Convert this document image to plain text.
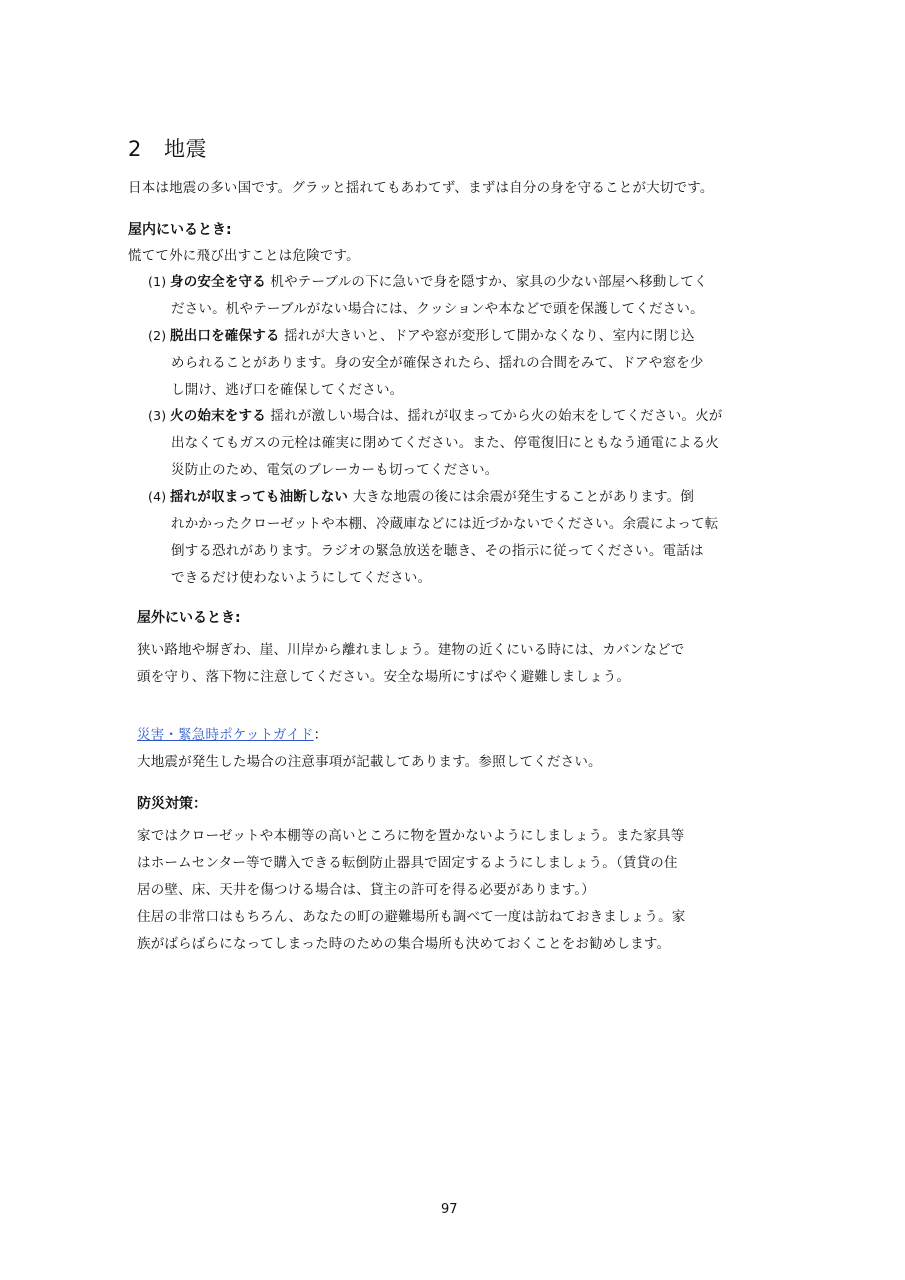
2 地震
日本は地震の多い国です。グラッと揺れてもあわてず、まずは自分の身を守ることが大切です。
屋内にいるとき:
慌てて外に飛び出すことは危険です。
(1) 身の安全を守る 机やテーブルの下に急いで身を隠すか、家具の少ない部屋へ移動してく
ださい。机やテーブルがない場合には、クッションや本などで頭を保護してください。
(2) 脱出口を確保する 揺れが大きいと、ドアや窓が変形して開かなくなり、室内に閉じ込
められることがあります。身の安全が確保されたら、揺れの合間をみて、ドアや窓を少
し開け、逃げ口を確保してください。
(3) 火の始末をする 揺れが激しい場合は、揺れが収まってから火の始末をしてください。火が
出なくてもガスの元栓は確実に閉めてください。また、停電復旧にともなう通電による火
災防止のため、電気のブレーカーも切ってください。
(4) 揺れが収まっても油断しない 大きな地震の後には余震が発生することがあります。倒
れかかったクローゼットや本棚、冷蔵庫などには近づかないでください。余震によって転
倒する恐れがあります。ラジオの緊急放送を聴き、その指示に従ってください。電話は
できるだけ使わないようにしてください。
屋外にいるとき:
狭い路地や塀ぎわ、崖、川岸から離れましょう。建物の近くにいる時には、カバンなどで
頭を守り、落下物に注意してください。安全な場所にすばやく避難しましょう。
災害・緊急時ポケットガイド：
大地震が発生した場合の注意事項が記載してあります。参照してください。
防災対策：
家ではクローゼットや本棚等の高いところに物を置かないようにしましょう。また家具等
はホームセンター等で購入できる転倒防止器具で固定するようにしましょう。（賃貸の住
居の壁、床、天井を傷つける場合は、貸主の許可を得る必要があります。）
住居の非常口はもちろん、あなたの町の避難場所も調べて一度は訪ねておきましょう。家
族がばらばらになってしまった時のための集合場所も決めておくことをお勧めします。
97
